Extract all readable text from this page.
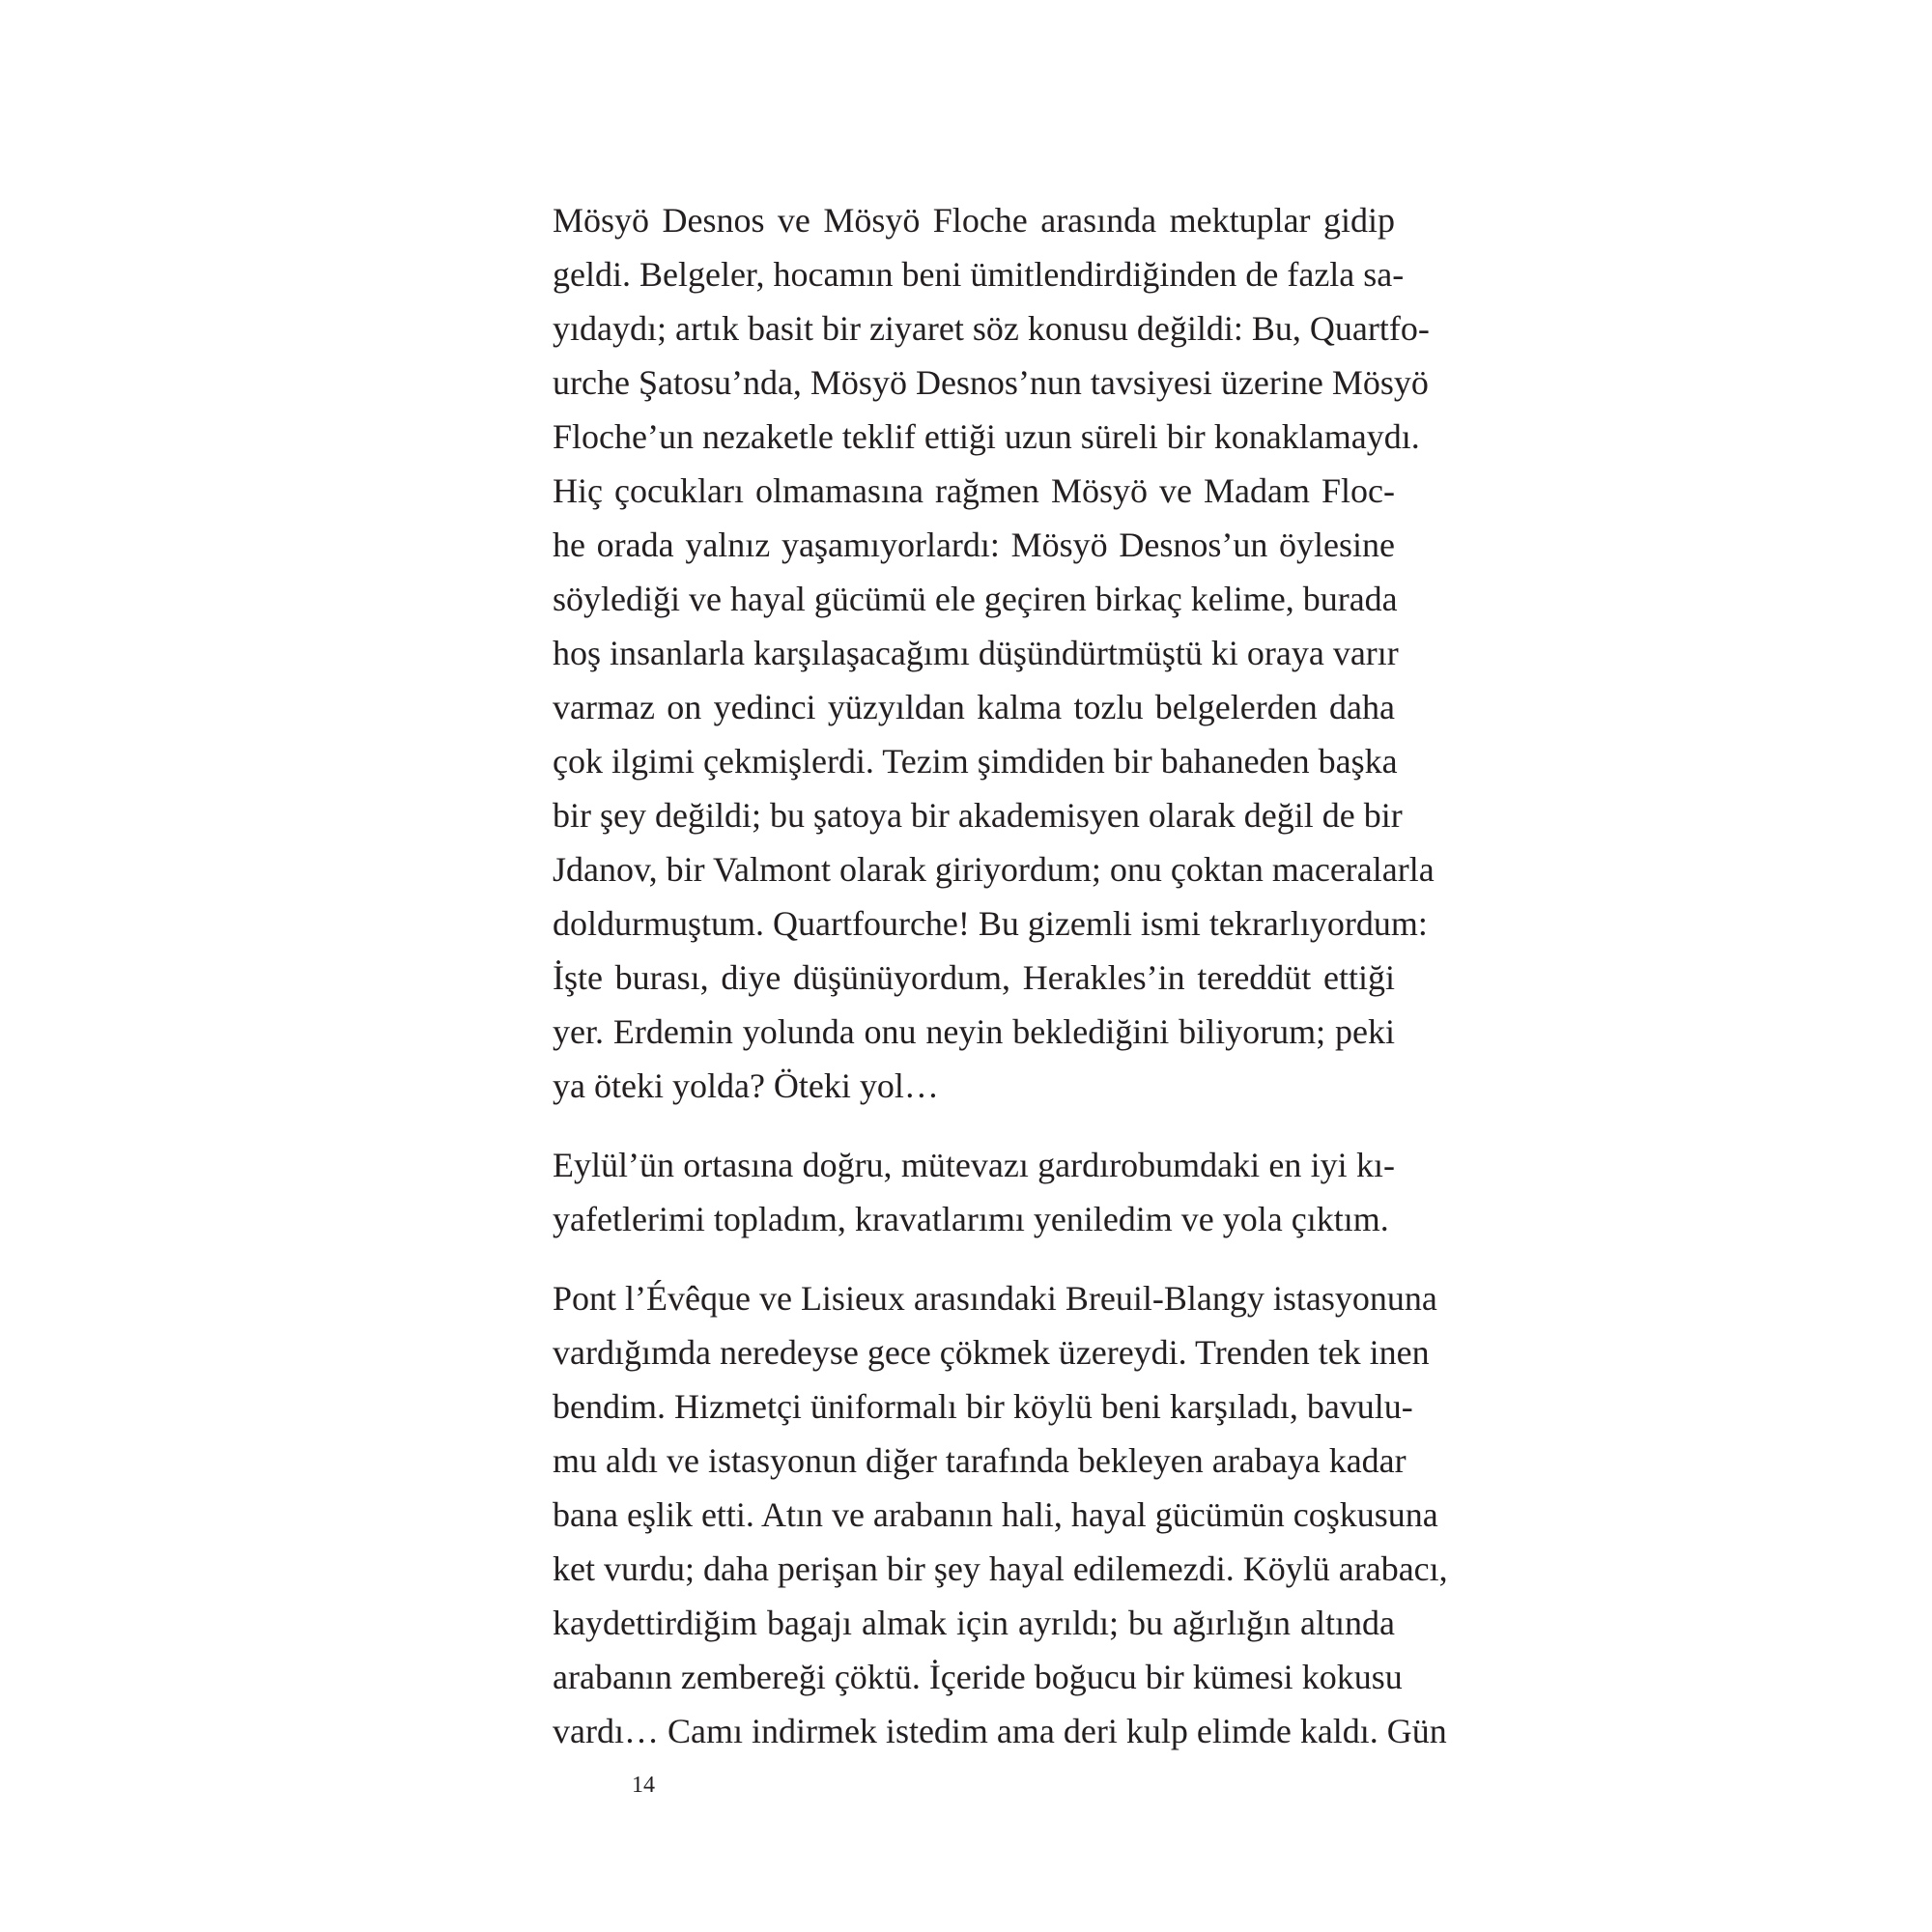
Mösyö Desnos ve Mösyö Floche arasında mektuplar gidip
geldi. Belgeler, hocamın beni ümitlendirdiğinden de fazla sa-
yıdaydı; artık basit bir ziyaret söz konusu değildi: Bu, Quartfo-
urche Şatosu’nda, Mösyö Desnos’nun tavsiyesi üzerine Mösyö
Floche’un nezaketle teklif ettiği uzun süreli bir konaklamaydı.
Hiç çocukları olmamasına rağmen Mösyö ve Madam Floc-
he orada yalnız yaşamıyorlardı: Mösyö Desnos’un öylesine
söylediği ve hayal gücümü ele geçiren birkaç kelime, burada
hoş insanlarla karşılaşacağımı düşündürtmüştü ki oraya varır
varmaz on yedinci yüzyıldan kalma tozlu belgelerden daha
çok ilgimi çekmişlerdi. Tezim şimdiden bir bahaneden başka
bir şey değildi; bu şatoya bir akademisyen olarak değil de bir
Jdanov, bir Valmont olarak giriyordum; onu çoktan maceralarla
doldurmuştum. Quartfourche! Bu gizemli ismi tekrarlıyordum:
İşte burası, diye düşünüyordum, Herakles’in tereddüt ettiği
yer. Erdemin yolunda onu neyin beklediğini biliyorum; peki
ya öteki yolda? Öteki yol…
Eylül’ün ortasına doğru, mütevazı gardırobumdaki en iyi kı-
yafetlerimi topladım, kravatlarımı yeniledim ve yola çıktım.
Pont l’Évêque ve Lisieux arasındaki Breuil-Blangy istasyonuna
vardığımda neredeyse gece çökmek üzereydi. Trenden tek inen
bendim. Hizmetçi üniformalı bir köylü beni karşıladı, bavulu-
mu aldı ve istasyonun diğer tarafında bekleyen arabaya kadar
bana eşlik etti. Atın ve arabanın hali, hayal gücümün coşkusuna
ket vurdu; daha perişan bir şey hayal edilemezdi. Köylü arabacı,
kaydettirdiğim bagajı almak için ayrıldı; bu ağırlığın altında
arabanın zembereği çöktü. İçeride boğucu bir kümesi kokusu
vardı… Camı indirmek istedim ama deri kulp elimde kaldı. Gün
14
